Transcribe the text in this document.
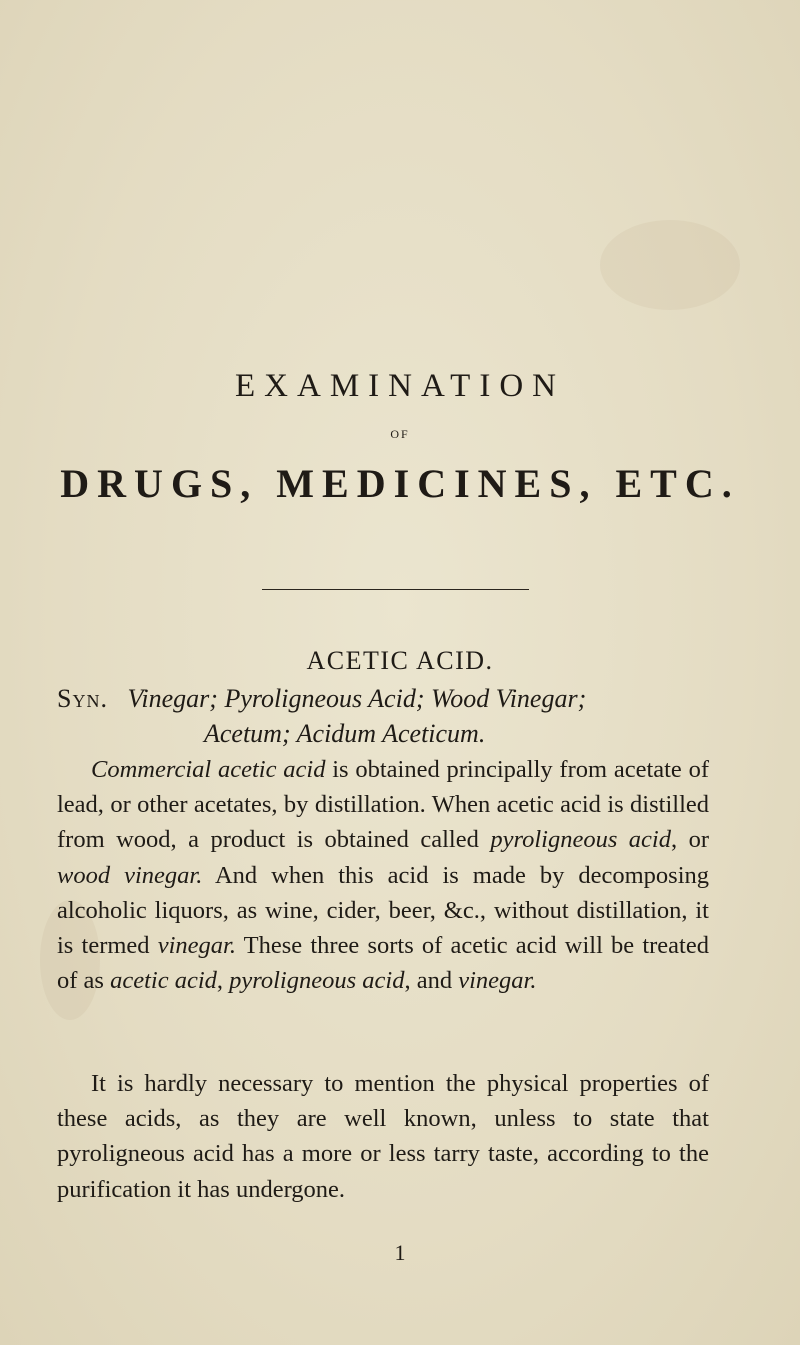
EXAMINATION
OF
DRUGS, MEDICINES, ETC.
ACETIC ACID.
Syn. Vinegar; Pyroligneous Acid; Wood Vinegar;
Acetum; Acidum Aceticum.
Commercial acetic acid is obtained principally from acetate of lead, or other acetates, by distillation. When acetic acid is distilled from wood, a product is obtained called pyroligneous acid, or wood vinegar. And when this acid is made by decomposing alcoholic liquors, as wine, cider, beer, &c., without distillation, it is termed vinegar. These three sorts of acetic acid will be treated of as acetic acid, pyroligneous acid, and vinegar.
It is hardly necessary to mention the physical properties of these acids, as they are well known, unless to state that pyroligneous acid has a more or less tarry taste, according to the purification it has undergone.
1
